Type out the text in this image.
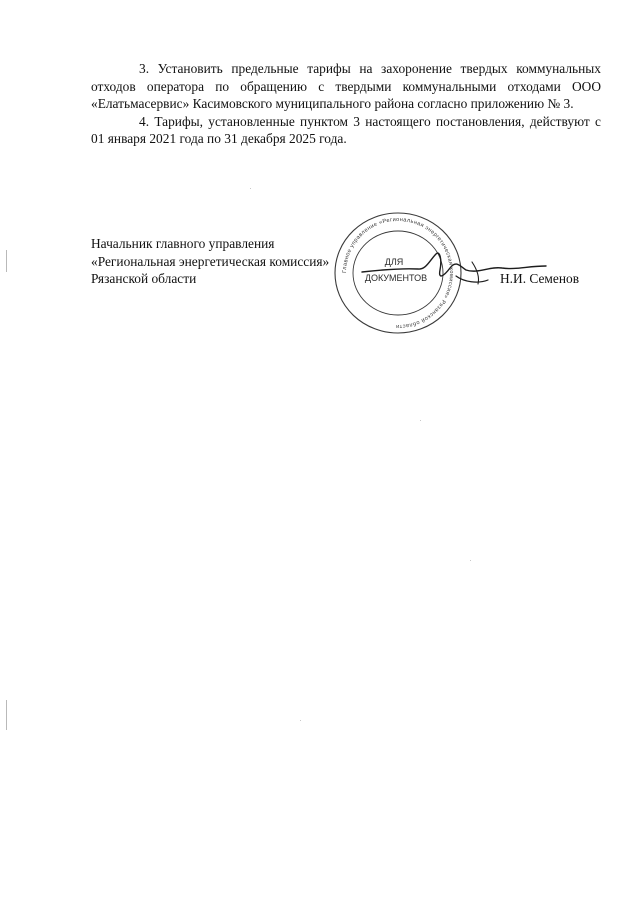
3. Установить предельные тарифы на захоронение твердых коммунальных отходов оператора по обращению с твердыми коммунальными отходами ООО «Елатьмасервис» Касимовского муниципального района согласно приложению № 3.

4. Тарифы, установленные пунктом 3 настоящего постановления, действуют с 01 января 2021 года по 31 декабря 2025 года.

Начальник главного управления
«Региональная энергетическая комиссия»
Рязанской области	Главное управление «Региональная энергетическая комиссия» Рязанской области
ДЛЯ
ДОКУМЕНТОВ	Н.И. Семенов
